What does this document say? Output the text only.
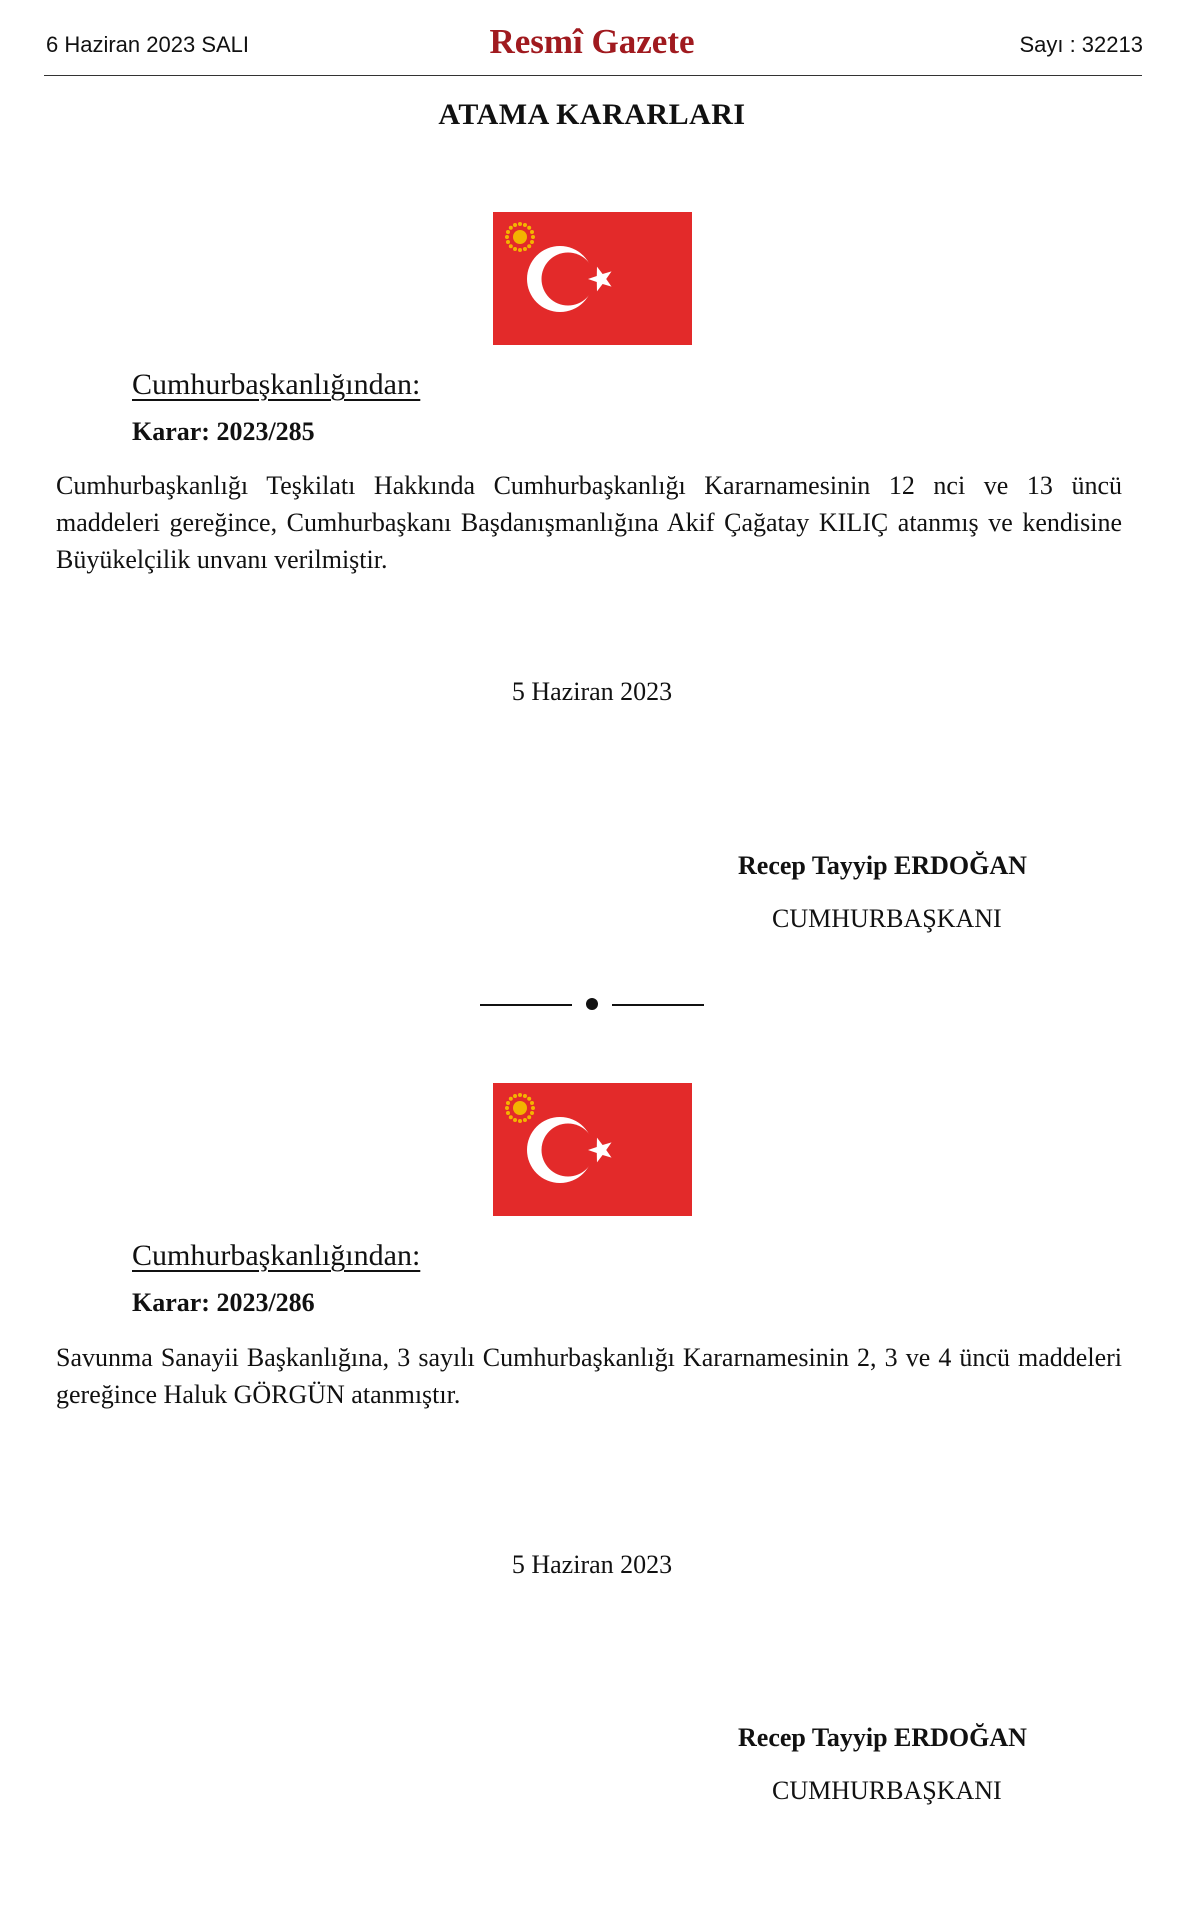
6 Haziran 2023 SALI	Resmî Gazete	Sayı : 32213
ATAMA KARARLARI
Cumhurbaşkanlığından:
Karar: 2023/285
Cumhurbaşkanlığı Teşkilatı Hakkında Cumhurbaşkanlığı Kararnamesinin 12 nci ve 13 üncü maddeleri gereğince, Cumhurbaşkanı Başdanışmanlığına Akif Çağatay KILIÇ atanmış ve kendisine Büyükelçilik unvanı verilmiştir.
5 Haziran 2023
Recep Tayyip ERDOĞAN
CUMHURBAŞKANI
Cumhurbaşkanlığından:
Karar: 2023/286
Savunma Sanayii Başkanlığına, 3 sayılı Cumhurbaşkanlığı Kararnamesinin 2, 3 ve 4 üncü maddeleri gereğince Haluk GÖRGÜN atanmıştır.
5 Haziran 2023
Recep Tayyip ERDOĞAN
CUMHURBAŞKANI
